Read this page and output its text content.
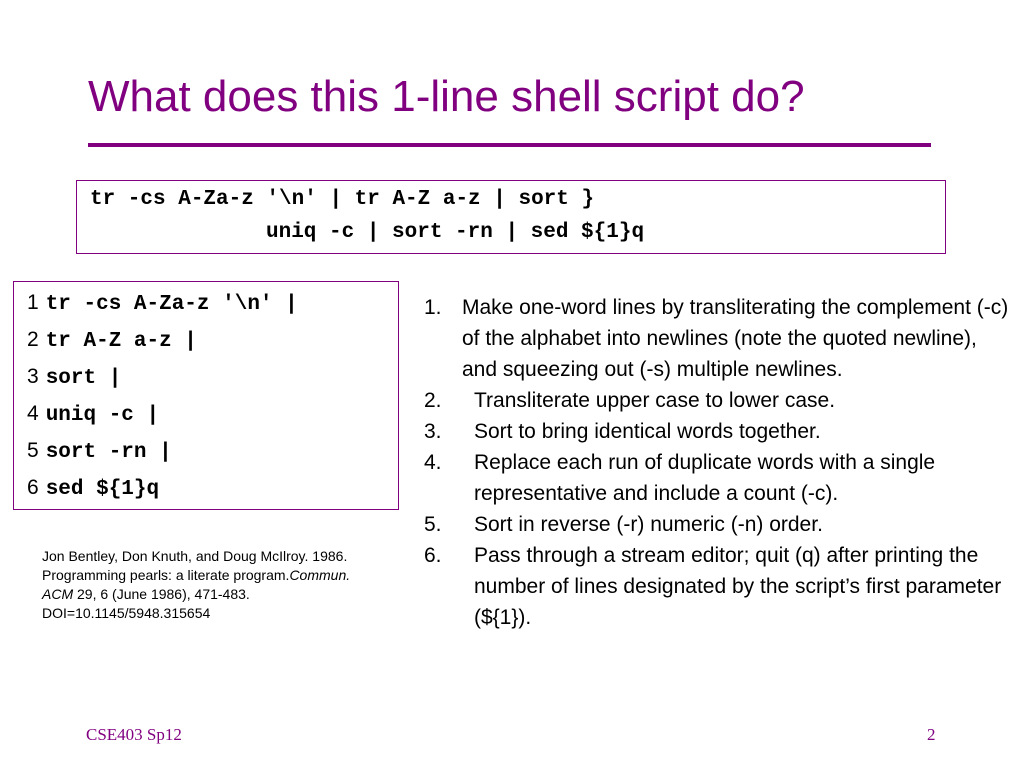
What does this 1-line shell script do?
tr -cs A-Za-z '\n' | tr A-Z a-z | sort }
uniq -c | sort -rn | sed ${1}q
1 tr -cs A-Za-z '\n' |
2 tr A-Z a-z |
3 sort |
4 uniq -c |
5 sort -rn |
6 sed ${1}q
Jon Bentley, Don Knuth, and Doug McIlroy. 1986. Programming pearls: a literate program.Commun. ACM 29, 6 (June 1986), 471-483. DOI=10.1145/5948.315654
1. Make one-word lines by transliterating the complement (-c) of the alphabet into newlines (note the quoted newline), and squeezing out (-s) multiple newlines.
2. Transliterate upper case to lower case.
3. Sort to bring identical words together.
4. Replace each run of duplicate words with a single representative and include a count (-c).
5. Sort in reverse (-r) numeric (-n) order.
6. Pass through a stream editor; quit (q) after printing the number of lines designated by the script’s first parameter (${1}).
CSE403 Sp12	2
